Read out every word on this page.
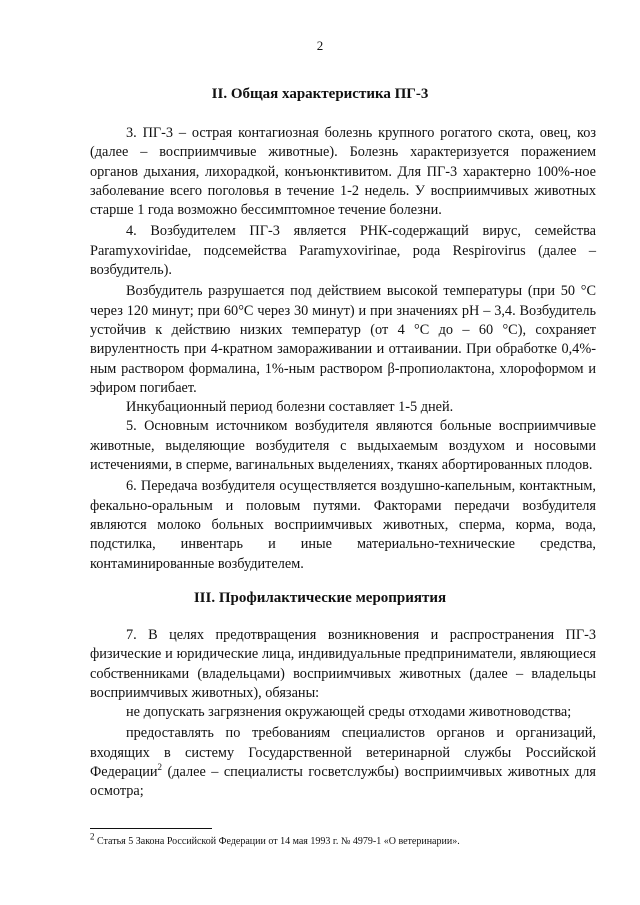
2
II. Общая характеристика ПГ-3

3. ПГ-3 – острая контагиозная болезнь крупного рогатого скота, овец, коз (далее – восприимчивые животные). Болезнь характеризуется поражением органов дыхания, лихорадкой, конъюнктивитом. Для ПГ-3 характерно 100%-ное заболевание всего поголовья в течение 1-2 недель. У восприимчивых животных старше 1 года возможно бессимптомное течение болезни.

4. Возбудителем ПГ-3 является РНК-содержащий вирус, семейства Paramyxoviridae, подсемейства Paramyxovirinae, рода Respirovirus (далее – возбудитель).

Возбудитель разрушается под действием высокой температуры (при 50 °С через 120 минут; при 60°С через 30 минут) и при значениях pH – 3,4. Возбудитель устойчив к действию низких температур (от 4 °С до – 60 °С), сохраняет вирулентность при 4-кратном замораживании и оттаивании. При обработке 0,4%-ным раствором формалина, 1%-ным раствором β-пропиолактона, хлороформом и эфиром погибает.

Инкубационный период болезни составляет 1-5 дней.

5. Основным источником возбудителя являются больные восприимчивые животные, выделяющие возбудителя с выдыхаемым воздухом и носовыми истечениями, в сперме, вагинальных выделениях, тканях абортированных плодов.

6. Передача возбудителя осуществляется воздушно-капельным, контактным, фекально-оральным и половым путями. Факторами передачи возбудителя являются молоко больных восприимчивых животных, сперма, корма, вода, подстилка, инвентарь и иные материально-технические средства, контаминированные возбудителем.

III. Профилактические мероприятия

7. В целях предотвращения возникновения и распространения ПГ-3 физические и юридические лица, индивидуальные предприниматели, являющиеся собственниками (владельцами) восприимчивых животных (далее – владельцы восприимчивых животных), обязаны:

не допускать загрязнения окружающей среды отходами животноводства;

предоставлять по требованиям специалистов органов и организаций, входящих в систему Государственной ветеринарной службы Российской Федерации$^2$ (далее – специалисты госветслужбы) восприимчивых животных для осмотра;

$^2$ Статья 5 Закона Российской Федерации от 14 мая 1993 г. № 4979-1 «О ветеринарии».
